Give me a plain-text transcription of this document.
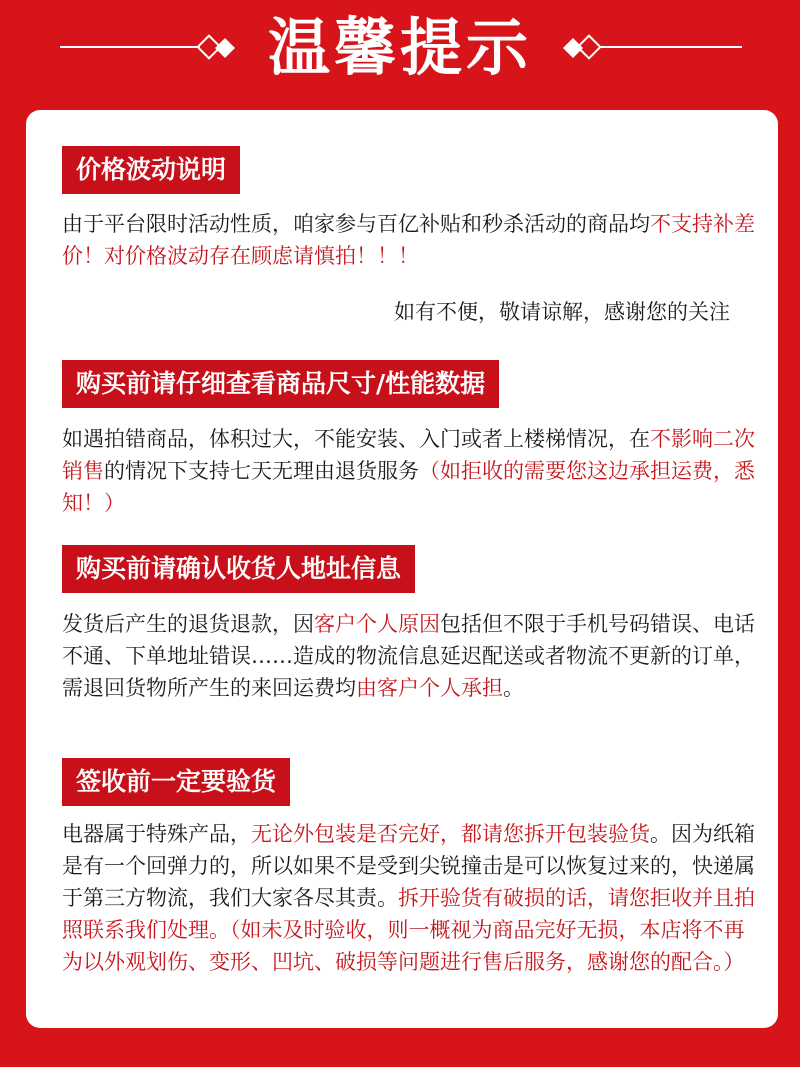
温馨提示
价格波动说明
由于平台限时活动性质，咱家参与百亿补贴和秒杀活动的商品均不支持补差价！对价格波动存在顾虑请慎拍！！！
如有不便，敬请谅解，感谢您的关注
购买前请仔细查看商品尺寸/性能数据
如遇拍错商品，体积过大，不能安装、入门或者上楼梯情况，在不影响二次销售的情况下支持七天无理由退货服务（如拒收的需要您这边承担运费，悉知！）
购买前请确认收货人地址信息
发货后产生的退货退款，因客户个人原因包括但不限于手机号码错误、电话不通、下单地址错误……造成的物流信息延迟配送或者物流不更新的订单，需退回货物所产生的来回运费均由客户个人承担。
签收前一定要验货
电器属于特殊产品，无论外包装是否完好，都请您拆开包装验货。因为纸箱是有一个回弹力的，所以如果不是受到尖锐撞击是可以恢复过来的，快递属于第三方物流，我们大家各尽其责。拆开验货有破损的话，请您拒收并且拍照联系我们处理。（如未及时验收，则一概视为商品完好无损，本店将不再为以外观划伤、变形、凹坑、破损等问题进行售后服务，感谢您的配合。）
